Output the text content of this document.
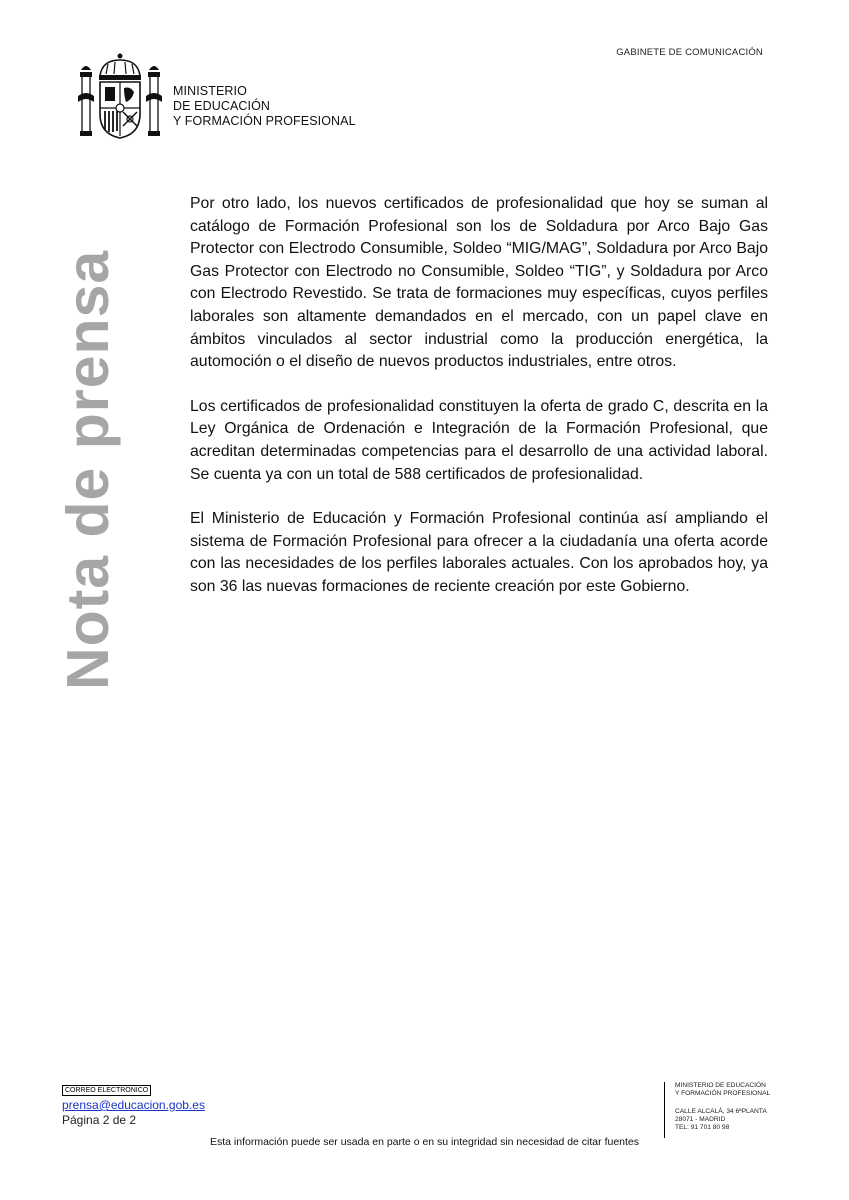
GABINETE DE COMUNICACIÓN
MINISTERIO
DE EDUCACIÓN
Y FORMACIÓN PROFESIONAL
Nota de prensa

Por otro lado, los nuevos certificados de profesionalidad que hoy se suman al catálogo de Formación Profesional son los de Soldadura por Arco Bajo Gas Protector con Electrodo Consumible, Soldeo “MIG/MAG”, Soldadura por Arco Bajo Gas Protector con Electrodo no Consumible, Soldeo “TIG”, y Soldadura por Arco con Electrodo Revestido. Se trata de formaciones muy específicas, cuyos perfiles laborales son altamente demandados en el mercado, con un papel clave en ámbitos vinculados al sector industrial como la producción energética, la automoción o el diseño de nuevos productos industriales, entre otros.

Los certificados de profesionalidad constituyen la oferta de grado C, descrita en la Ley Orgánica de Ordenación e Integración de la Formación Profesional, que acreditan determinadas competencias para el desarrollo de una actividad laboral. Se cuenta ya con un total de 588 certificados de profesionalidad.

El Ministerio de Educación y Formación Profesional continúa así ampliando el sistema de Formación Profesional para ofrecer a la ciudadanía una oferta acorde con las necesidades de los perfiles laborales actuales. Con los aprobados hoy, ya son 36 las nuevas formaciones de reciente creación por este Gobierno.

CORREO ELECTRÓNICO
prensa@educacion.gob.es
Página 2 de 2
MINISTERIO DE EDUCACIÓN
Y FORMACIÓN PROFESIONAL
CALLE ALCALÁ, 34 6ªPLANTA
28071 - MADRID
TEL: 91 701 80 98
Esta información puede ser usada en parte o en su integridad sin necesidad de citar fuentes
